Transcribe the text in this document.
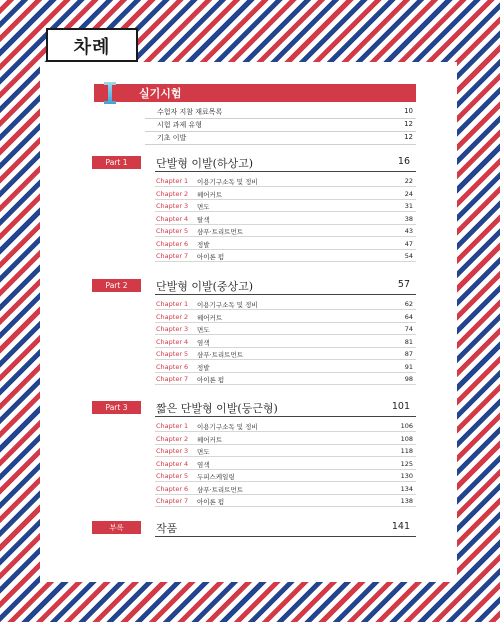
차례
실기시험
수험자 지참 재료목록	10
시험 과제 유형	12
기초 이발	12
Part 1	단발형 이발(하상고)	16
Chapter 1 이용기구소독 및 정비	22
Chapter 2 헤어커트	24
Chapter 3 면도	31
Chapter 4 탈색	38
Chapter 5 샴푸·트리트먼트	43
Chapter 6 정발	47
Chapter 7 아이론 펌	54
Part 2	단발형 이발(중상고)	57
Chapter 1 이용기구소독 및 정비	62
Chapter 2 헤어커트	64
Chapter 3 면도	74
Chapter 4 염색	81
Chapter 5 샴푸·트리트먼트	87
Chapter 6 정발	91
Chapter 7 아이론 펌	98
Part 3	짧은 단발형 이발(둥근형)	101
Chapter 1 이용기구소독 및 정비	106
Chapter 2 헤어커트	108
Chapter 3 면도	118
Chapter 4 염색	125
Chapter 5 두피스케일링	130
Chapter 6 샴푸·트리트먼트	134
Chapter 7 아이론 펌	138
부록	작품	141
